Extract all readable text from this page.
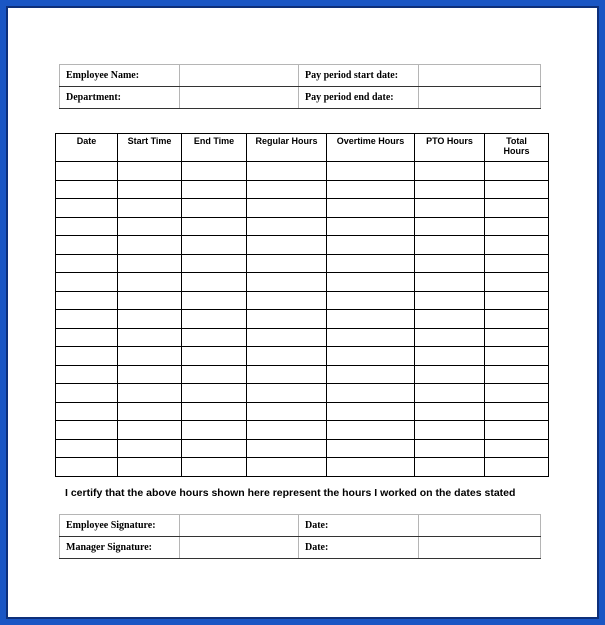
Employee Name:		Pay period start date:	
Department:		Pay period end date:	
Date	Start Time	End Time	Regular Hours	Overtime Hours	PTO Hours	Total Hours

I certify that the above hours shown here represent the hours I worked on the dates stated
Employee Signature:		Date:	
Manager Signature:		Date:	
